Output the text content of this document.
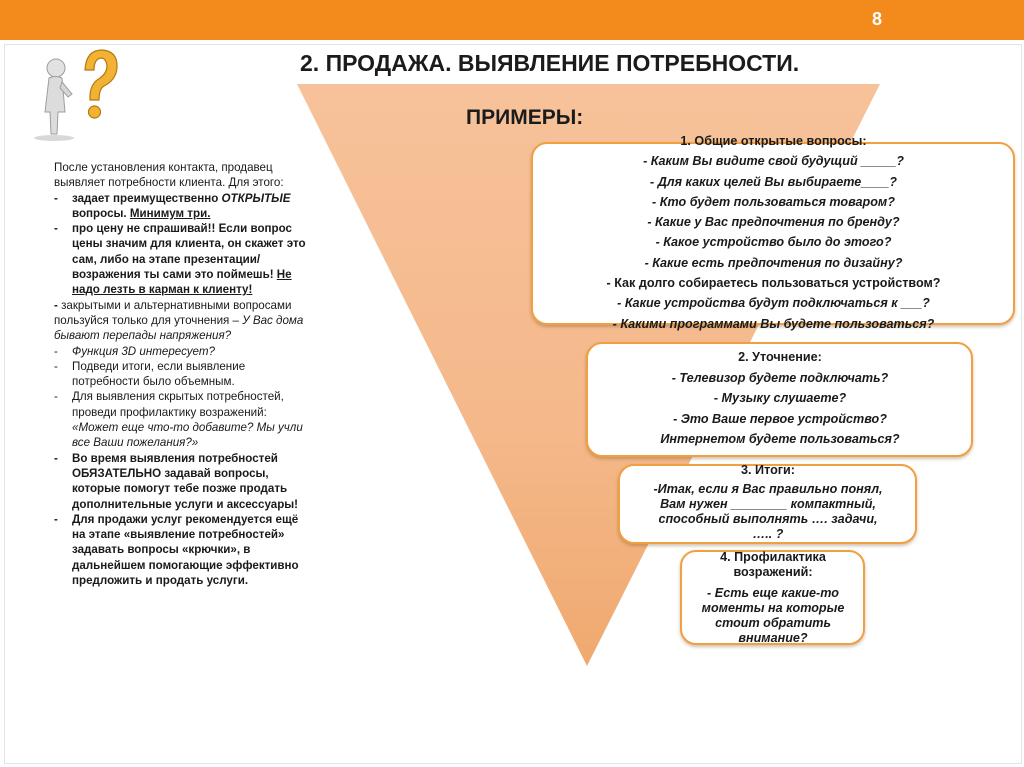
8
2. ПРОДАЖА. ВЫЯВЛЕНИЕ ПОТРЕБНОСТИ.
ПРИМЕРЫ:

После установления контакта, продавец выявляет потребности клиента. Для этого:

-	задает преимущественно ОТКРЫТЫЕ вопросы. Минимум три.
-	про цену не спрашивай!! Если вопрос цены значим для клиента, он скажет это сам, либо на этапе презентации/возражения ты сами это поймешь! Не надо лезть в карман к клиенту!

- закрытыми и альтернативными вопросами пользуйся только для уточнения – У Вас дома бывают перепады напряжения?

-	Функция 3D интересует?
-	Подведи итоги, если выявление потребности было объемным.
-	Для выявления скрытых потребностей, проведи профилактику возражений: «Может еще что-то добавите? Мы учли все Ваши пожелания?»
-	Во время выявления потребностей ОБЯЗАТЕЛЬНО задавай вопросы, которые помогут тебе позже продать дополнительные услуги и аксессуары!
-	Для продажи услуг рекомендуется ещё на этапе «выявление потребностей» задавать вопросы «крючки», в дальнейшем помогающие эффективно предложить и продать услуги.
1. Общие открытые вопросы:
- Каким Вы видите свой будущий _____?
- Для каких целей Вы выбираете____?
- Кто будет пользоваться товаром?
- Какие у Вас предпочтения по бренду?
- Какое устройство было до этого?
- Какие есть предпочтения по дизайну?
- Как долго собираетесь пользоваться устройством?
- Какие устройства будут подключаться к ___?
- Какими программами Вы будете пользоваться?
2. Уточнение:
- Телевизор будете подключать?
- Музыку слушаете?
- Это Ваше первое устройство?
Интернетом будете пользоваться?
3. Итоги:
-Итак, если я Вас правильно понял,
Вам нужен ________ компактный,
способный выполнять …. задачи,
….. ?
4. Профилактика
возражений:
- Есть еще какие-то
моменты на которые
стоит обратить
внимание?
